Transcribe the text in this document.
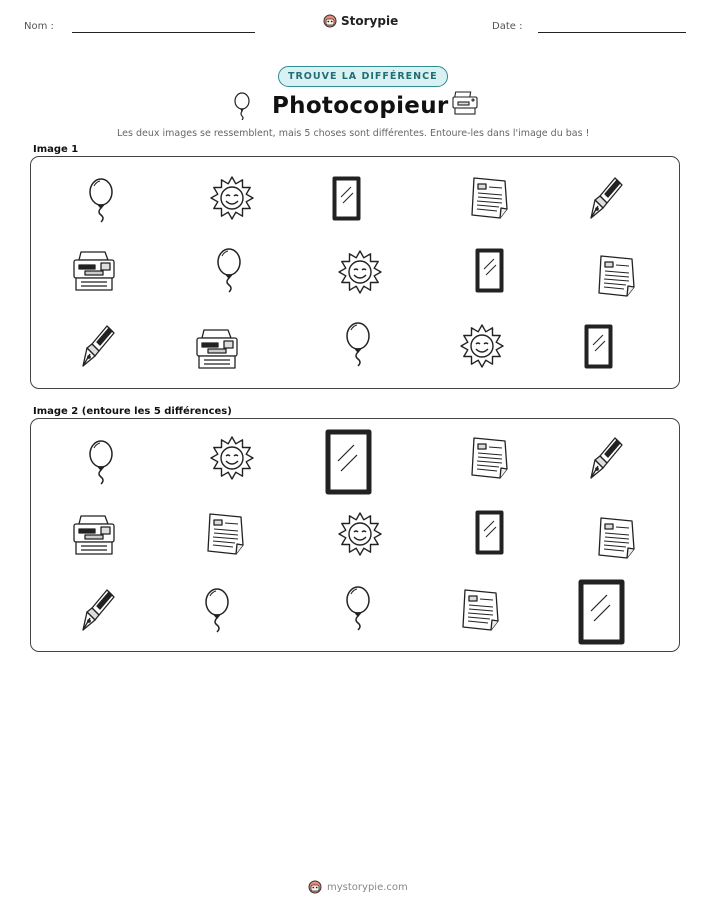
Nom :	Storypie	Date :
TROUVE LA DIFFÉRENCE
Photocopieur
Les deux images se ressemblent, mais 5 choses sont différentes. Entoure-les dans l'image du bas !
Image 1
Image 2 (entoure les 5 différences)
mystorypie.com
